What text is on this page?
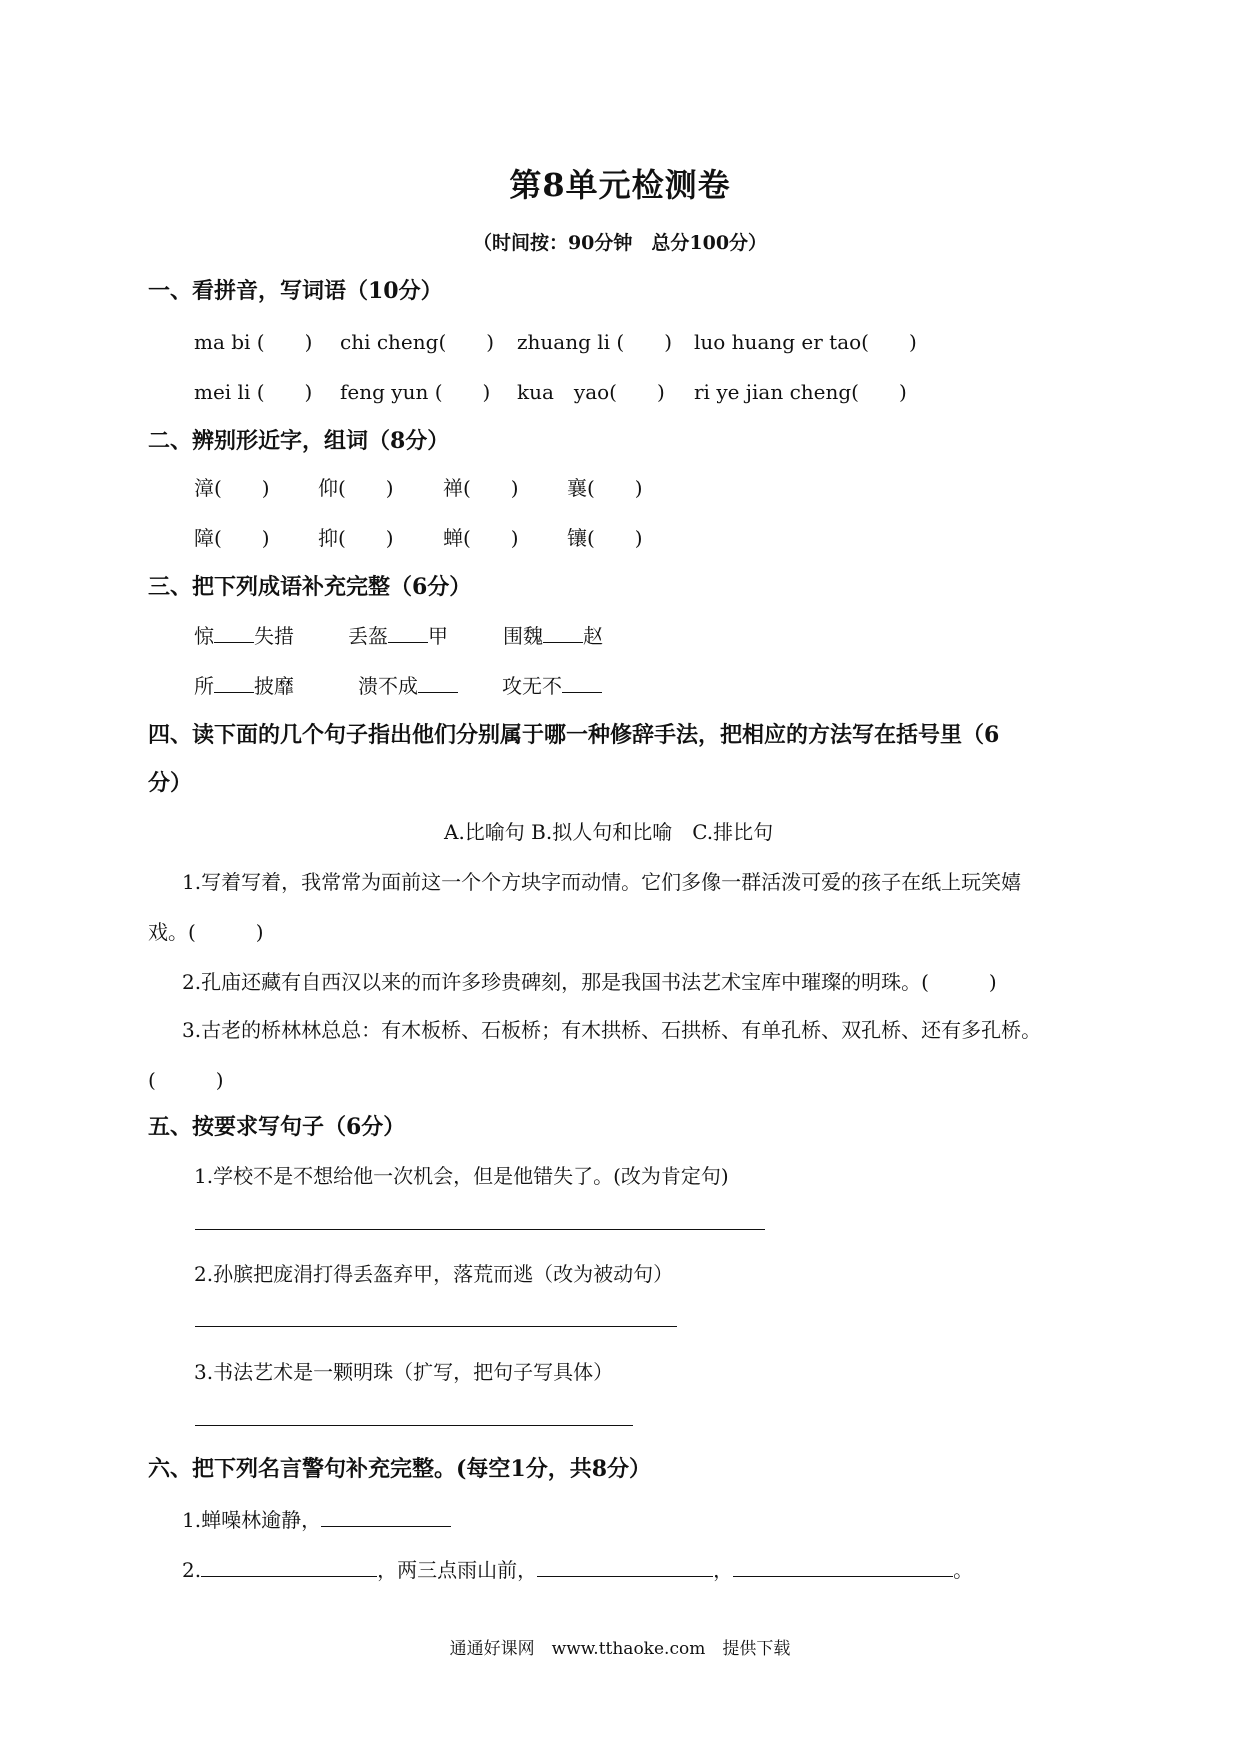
第8单元检测卷
（时间按：90分钟　总分100分）
一、看拼音，写词语（10分）
ma bi (　　) chi cheng(　　) zhuang li (　　) luo huang er tao(　　)
mei li (　　) feng yun (　　) kua　yao(　　) ri ye jian cheng(　　)
二、辨别形近字，组词（8分）
漳(　　) 仰(　　) 禅(　　) 襄(　　)
障(　　) 抑(　　) 蝉(　　) 镶(　　)
三、把下列成语补充完整（6分）
惊 失措	丢盔 甲	围魏 赵
所 披靡	溃不成	攻无不
四、读下面的几个句子指出他们分别属于哪一种修辞手法，把相应的方法写在括号里（6
分）
A.比喻句 B.拟人句和比喻　C.排比句
1.写着写着，我常常为面前这一个个方块字而动情。它们多像一群活泼可爱的孩子在纸上玩笑嬉
戏。(　　　)
2.孔庙还藏有自西汉以来的而许多珍贵碑刻，那是我国书法艺术宝库中璀璨的明珠。(　　　)
3.古老的桥林林总总：有木板桥、石板桥；有木拱桥、石拱桥、有单孔桥、双孔桥、还有多孔桥。
(　　　)
五、按要求写句子（6分）
1.学校不是不想给他一次机会，但是他错失了。(改为肯定句)
2.孙膑把庞涓打得丢盔弃甲，落荒而逃（改为被动句）
3.书法艺术是一颗明珠（扩写，把句子写具体）
六、把下列名言警句补充完整。(每空1分，共8分）
1.蝉噪林逾静，
2.	，两三点雨山前，	，	。
通通好课网　www.tthaoke.com　提供下载
